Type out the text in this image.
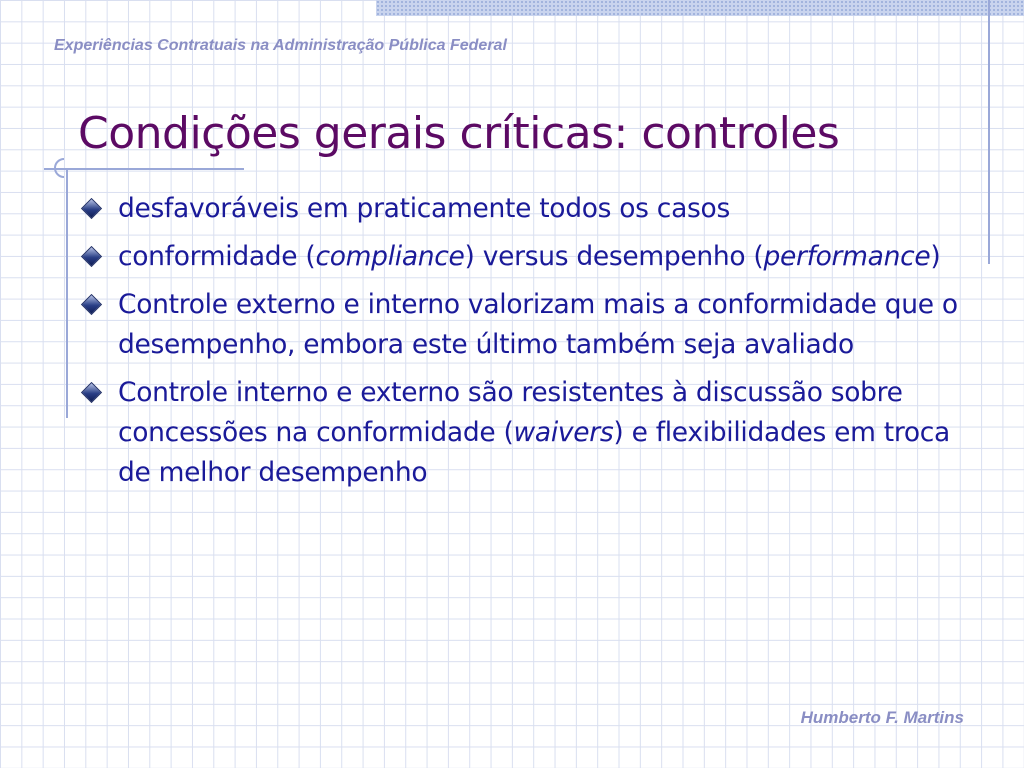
Experiências Contratuais na Administração Pública Federal
Condições gerais críticas: controles
desfavoráveis em praticamente todos os casos
conformidade (compliance) versus desempenho (performance)
Controle externo e interno valorizam mais a conformidade que o desempenho, embora este último também seja avaliado
Controle interno e externo são resistentes à discussão sobre concessões na conformidade (waivers) e flexibilidades em troca de melhor desempenho
Humberto F. Martins
